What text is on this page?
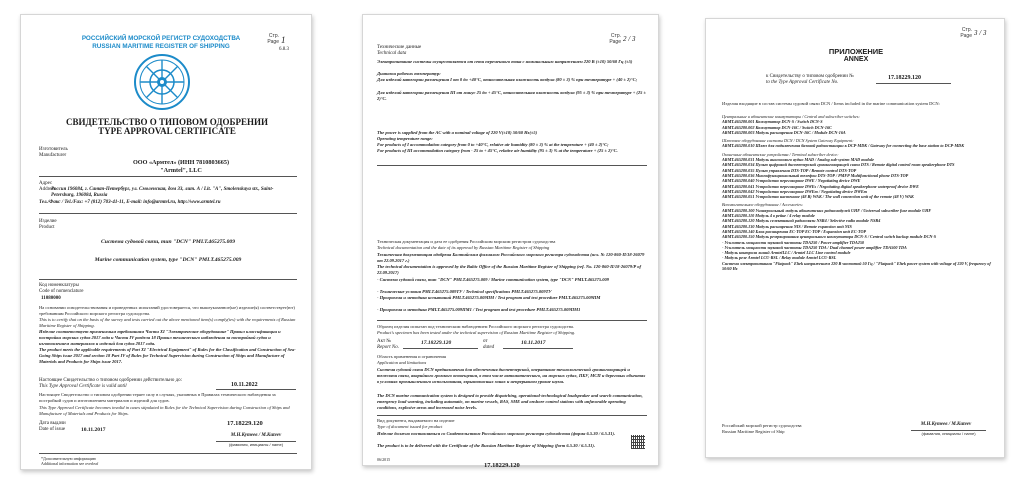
РОССИЙСКИЙ МОРСКОЙ РЕГИСТР СУДОХОДСТВА
RUSSIAN MARITIME REGISTER OF SHIPPING
Стр.
Page 1
6.8.3
СВИДЕТЕЛЬСТВО О ТИПОВОМ ОДОБРЕНИИ
TYPE APPROVAL CERTIFICATE
Изготовитель
Manufacturer
ООО «Армтел» (ИНН 7810803665)
"Armtel", LLC
Адрес
Address
Россия 196084, г. Санкт-Петербург, ул. Смоленская, дом 33, лит. А / Lit. "A", Smolenskaya str., Saint-Petersburg, 196084, Russia
Тел./Факс / Tel./Fax: +7 (812) 703-41-11, E-mail: info@armtel.ru, http://www.armtel.ru
Изделие
Product
Система судовой связи, тип "DCN" PMLT.465275.009
Marine communication system, type "DCN" PMLT.465275.009
Код номенклатуры
Code of nomenclature
11080000
На основании освидетельствования и проведенных испытаний удостоверяется, что вышеуказанное(ые) изделие(я) соответствует(ют) требованиям Российского морского регистра судоходства.
This is to certify that on the basis of the survey and tests carried out the above mentioned item(s) comply(ies) with the requirements of Russian Maritime Register of Shipping.
Изделие соответствует применимым требованиям Части XI "Электрическое оборудование" Правил классификации и постройки морских судов 2017 года и Части IV раздела 18 Правил технического наблюдения за постройкой судов и изготовлением материалов и изделий для судов 2017 года.
The product meets the applicable requirements of Part XI "Electrical Equipment" of Rules for the Classification and Construction of Sea-Going Ships issue 2017 and section 18 Part IV of Rules for Technical Supervision during Construction of Ships and Manufacture of Materials and Products for Ships issue 2017.
Настоящее Свидетельство о типовом одобрении действительно до:
This Type Approval Certificate is valid until	10.11.2022
Настоящее Свидетельство о типовом одобрении теряет силу в случаях, указанных в Правилах технического наблюдения за постройкой судов и изготовлением материалов и изделий для судов.
This Type Approval Certificate becomes invalid in cases stipulated in Rules for the Technical Supervision during Construction of Ships and Manufacture of Materials and Products for Ships.
Дата выдачи
Date of issue	10.11.2017
17.18229.120
М.Н.Кутеев / M.Kuteev
(фамилия, инициалы / name)
*Дополнительную информацию
Additional information see overleaf
Стр.
Page 2 / 3
Технические данные
Technical data
Электропитание системы осуществляется от сети переменного тока с номинальным напряжением 220 В (±10) 50/60 Гц (±5)
Диапазон рабочих температур:
Для изделий категории размещения I от 0 до +40°C, относительная влажность воздуха (80 ± 3) % при температуре + (40 ± 2)°C;
Для изделий категории размещения III от минус 25 до + 45°C, относительная влажность воздуха (95 ± 3) % при температуре + (25 ± 2)°C.
The power is supplied from the AC with a nominal voltage of 220 V(±10) 50/60 Hz(±5)
Operating temperature range:
For products of I accommodation category from 0 to +40°C, relative air humidity (80 ± 3) % at the temperature + (40 ± 2)°C;
For products of III accommodation category from - 25 to + 45°C, relative air humidity (95 ± 3) % at the temperature + (25 ± 2)°C.
Техническая документация и дата ее одобрения Российским морским регистром судоходства
Technical documentation and the date of its approval by Russian Maritime Register of Shipping
Техническая документация одобрена Балтийским филиалом Российского морского регистра судоходства (исх. № 120-860-П/18-26079 от 22.09.2017 г.)
The technical documentation is approved by the Baltic Office of the Russian Maritime Register of Shipping (ref. No. 120-860-П/18-26079/Р of 22.09.2017)
- Система судовой связи, тип "DCN" PMLT.465275.009 / Marine communication system, type "DCN" PMLT.465275.009
- Технические условия PMLT.465275.009ТУ / Technical specifications PMLT.465275.009ТУ
- Программа и методика испытаний PMLT.465275.009ПМ / Test program and test procedure PMLT.465275.009ПМ
- Программа и методика PMLT.465275.009ПМ1 / Test program and test procedure PMLT.465275.009ПМ1
Образец изделия испытан под техническим наблюдением Российского морского регистра судоходства.
Product's specimen has been tested under the technical supervision of Russian Maritime Register of Shipping.
Акт №
Report No.
17.18229.120	от
dated
10.11.2017
Область применения и ограничения
Application and limitations
Система судовой связи DCN предназначена для обеспечения диспетчерской, оперативно-технологической громкоговорящей и телесвязи связи, аварийного громкого оповещения, в том числе автоматического, на морских судах, ПБУ, МСП и береговых объектах в условиях промышленного использования, взрывоопасных зонах и непрерывном уровне шума.
The DCN marine communication system is designed to provide dispatching, operational-technological loudspeaker and search communication, emergency loud warning, including automatic, on marine vessels, RAS, SME and onshore control stations with unfavorable operating conditions, explosive areas and increased noise levels.
Вид документа, выдаваемого на изделие
Type of document issued for product
Изделие должно поставляться со Свидетельством Российского морского регистра судоходства (форма 6.5.30 / 6.5.31).
The product is to be delivered with the Certificate of the Russian Maritime Register of Shipping (form 6.5.30 / 6.5.31).
06/2015
17.18229.120
Стр.
Page 3 / 3
ПРИЛОЖЕНИЕ
ANNEX
к Свидетельству о типовом одобрении №
to the Type Approval Certificate No.
17.18229.120
Изделия входящие в состав системы судовой связи DCN / Items included in the marine communication system DCN:
Центральные и абонентские коммутаторы / Central and subscriber switches:
ARMT.465280.001 Коммутатор DCN-S / Switch DCN-S
ARMT.465280.002 Коммутатор DCN-16С / Switch DCN-16С
ARMT.465280.003 Модуль расширения DCN-16C / Module DCN-16A
Шлюзовое оборудование системы DCN / DCN System Gateway Equipment:
ARMT.465280.010 Шлюз для подключения базовой радиостанции к DCP-MDK / Gateway for connecting the base station to DCP-MDK
Оконечные абонентские устройства / Terminal subscriber device:
ARMT.465280.031 Модуль аналогового аудио MAD / Analog sub-system MAD module
ARMT.465280.034 Пульт цифровой диспетчерской громкоговорящей связи DTS / Remote digital control room speakerphone DTS
ARMT.465280.035 Пульт управления DTS-TOP / Remote control DTS-TOP
ARMT.465280.036 Многофункциональный телефон DTS-TOP / PMFP Multifunctional phone DTS-TOP
ARMT.465280.040 Устройство переговорное DWE / Negotiating device DWE
ARMT.465280.041 Устройство переговорное DWEs / Negotiating digital speakerphone waterproof device DWE
ARMT.465280.042 Устройство переговорное DWEm / Negotiating device DWEm
ARMT.465280.051 Устройство настенное (48 В) WAK / The wall connection unit of the remote (48 V) WAK
Вспомогательное оборудование / Accessories:
ARMT.465280.100 Универсальный модуль абонентских радиомодулей UHF / Universal subscriber fuse module UHF
ARMT.465280.110 Модуль 4 в рейке / 4 relay module
ARMT.465280.120 Модуль селективной радиосвязи NSR4 / Selective radio module NSR4
ARMT.465280.130 Модуль расширения NIS / Remote expansion unit NIS
ARMT.465280.140 Блок расширения EC-TOP EC-TOP / Expansion unit EC-TOP
ARMT.465280.150 Модуль резервирования центрального коммутатора DCN-S / Central switch backup module DCN-S
- Усилитель мощности звуковой частоты TDA250 / Power amplifier TDA250
- Усилитель мощности звуковой частоты TDA250 TDA / Dual channel power amplifier TDA500 TDA
- Модуль контроля линий ArmtelLLC / Armtel LLC Line control module
- Модуль реле Armtel LCU-RSL / Relay module Armtel LCU-RSL
Система электропитания "Flatpack" Eltek напряжением 220 В частотой 50 Гц / "Flatpack" Eltek power system with voltage of 220 V, frequency of 50/60 Hz
Российский морской регистр судоходства
Russian Maritime Register of Ship
М.Н.Кутеев / M.Kuteev
(фамилия, инициалы / name)
